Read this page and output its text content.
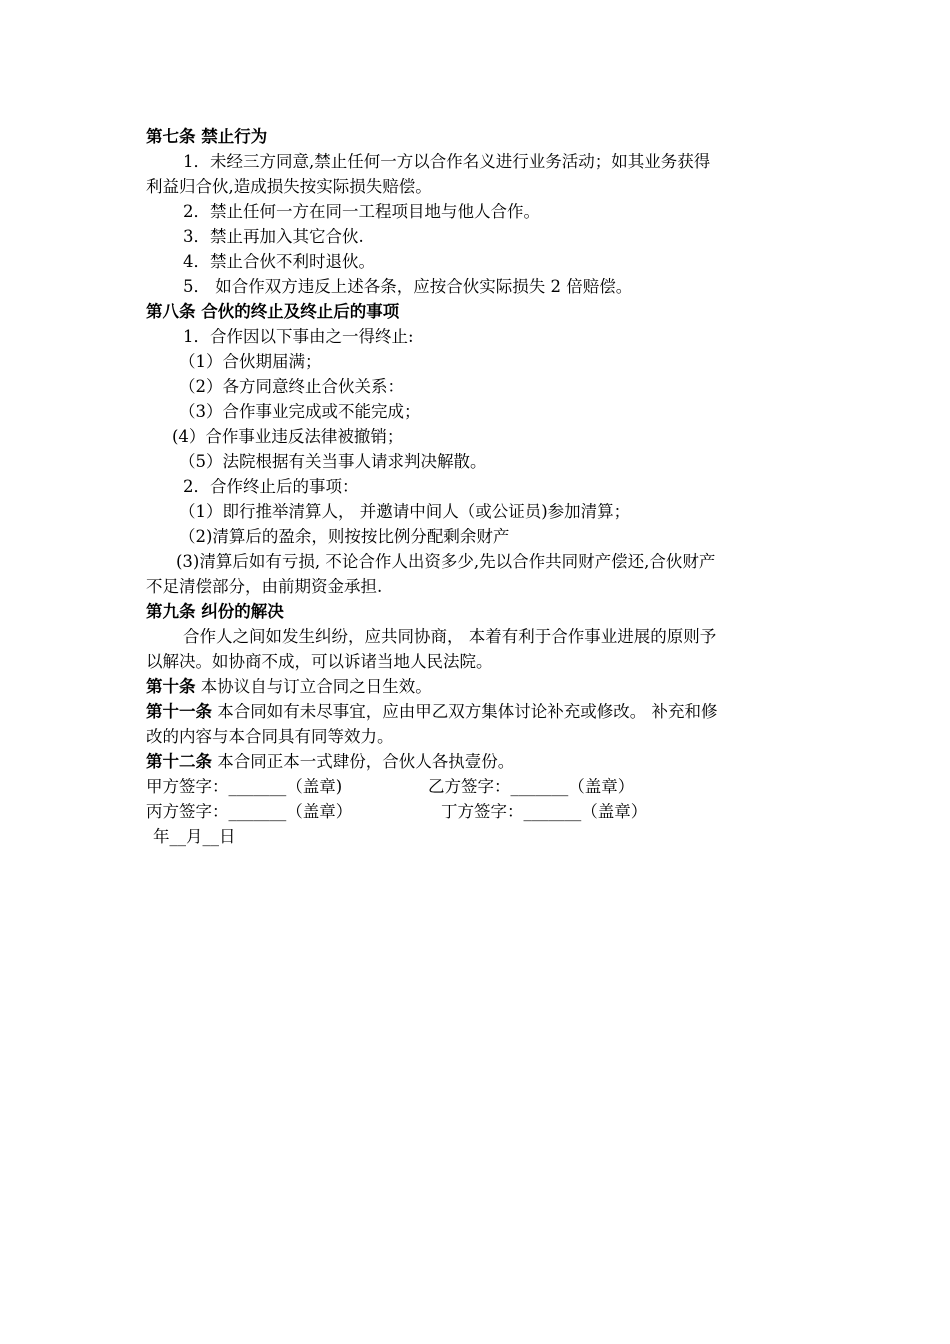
第七条 禁止行为
1．未经三方同意,禁止任何一方以合作名义进行业务活动；如其业务获得
利益归合伙,造成损失按实际损失赔偿。
2．禁止任何一方在同一工程项目地与他人合作。
3．禁止再加入其它合伙.
4．禁止合伙不利时退伙。
5． 如合作双方违反上述各条，应按合伙实际损失 2 倍赔偿。
第八条 合伙的终止及终止后的事项
1．合作因以下事由之一得终止:
（1）合伙期届满；
（2）各方同意终止合伙关系：
（3）合作事业完成或不能完成；
(4）合作事业违反法律被撤销；
（5）法院根据有关当事人请求判决解散。
2．合作终止后的事项：
（1）即行推举清算人， 并邀请中间人（或公证员)参加清算；
（2)清算后的盈余，则按按比例分配剩余财产
(3)清算后如有亏损, 不论合作人出资多少,先以合作共同财产偿还,合伙财产
不足清偿部分，由前期资金承担.
第九条 纠份的解决
合作人之间如发生纠纷，应共同协商， 本着有利于合作事业进展的原则予
以解决。如协商不成，可以诉诸当地人民法院。
第十条 本协议自与订立合同之日生效。
第十一条 本合同如有未尽事宜，应由甲乙双方集体讨论补充或修改。 补充和修
改的内容与本合同具有同等效力。
第十二条 本合同正本一式肆份，合伙人各执壹份。
甲方签字：_______（盖章)	乙方签字：_______（盖章）
丙方签字：_______（盖章）	丁方签字：_______（盖章）
年__月__日
